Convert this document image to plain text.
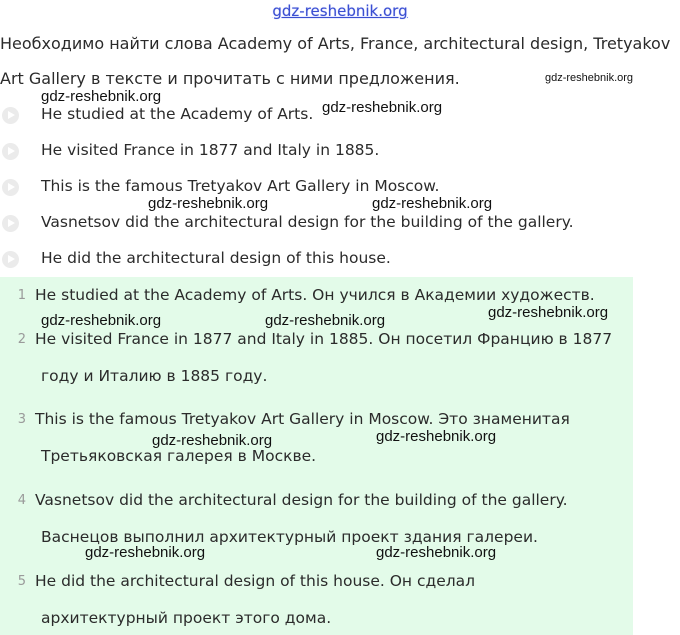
gdz-reshebnik.org
Необходимо найти слова Academy of Arts, France, architectural design, Tretyakov
Art Gallery в тексте и прочитать с ними предложения.	gdz-reshebnik.org
He studied at the Academy of Arts.
He visited France in 1877 and Italy in 1885.
This is the famous Tretyakov Art Gallery in Moscow.
Vasnetsov did the architectural design for the building of the gallery.
He did the architectural design of this house.
gdz-reshebnik.org
gdz-reshebnik.org
gdz-reshebnik.org	gdz-reshebnik.org
1 He studied at the Academy of Arts. Он учился в Академии художеств.
2 He visited France in 1877 and Italy in 1885. Он посетил Францию в 1877
году и Италию в 1885 году.
3 This is the famous Tretyakov Art Gallery in Moscow. Это знаменитая
Третьяковская галерея в Москве.
4 Vasnetsov did the architectural design for the building of the gallery.
Васнецов выполнил архитектурный проект здания галереи.
5 He did the architectural design of this house. Он сделал
архитектурный проект этого дома.
gdz-reshebnik.org	gdz-reshebnik.org	gdz-reshebnik.org
gdz-reshebnik.org	gdz-reshebnik.org
gdz-reshebnik.org	gdz-reshebnik.org
